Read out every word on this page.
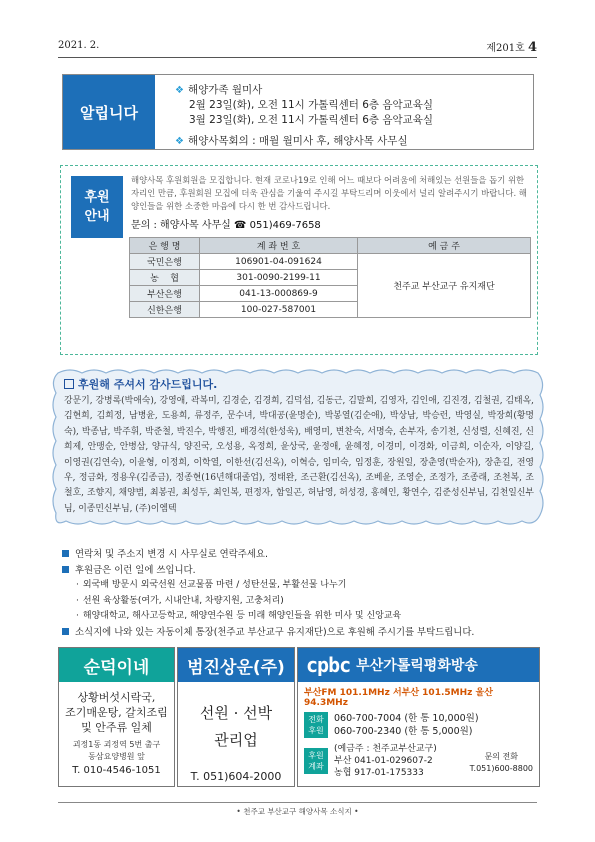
2021. 2.	제201호 4
알립니다
❖ 해양가족 월미사
2월 23일(화), 오전 11시 가톨릭센터 6층 음악교육실
3월 23일(화), 오전 11시 가톨릭센터 6층 음악교육실
❖ 해양사목회의 : 매월 월미사 후, 해양사목 사무실
후원
안내
해양사목 후원회원을 모집합니다. 현재 코로나19로 인해 어느 때보다 어려움에 처해있는 선원들을 돕기 위한 자리인 만큼, 후원회원 모집에 더욱 관심을 기울여 주시길 부탁드리며 이웃에서 널리 알려주시기 바랍니다. 해양인들을 위한 소중한 마음에 다시 한 번 감사드립니다.
문의 : 해양사목 사무실 ☎ 051)469-7658
은 행 명	계 좌 번 호	예 금 주
국민은행	106901-04-091624	천주교 부산교구 유지재단
농    협	301-0090-2199-11	
부산은행	041-13-000869-9	
신한은행	100-027-587001	
후원해 주셔서 감사드립니다.
강문기, 강병록(박애숙), 강영애, 곽복미, 김경순, 김경희, 김덕섭, 김동근, 김말희, 김영자, 김인애, 김진경, 김철권, 김태옥, 김현희, 김희정, 남병윤, 도용희, 류정주, 문수녀, 박대공(윤명순), 박봉열(김순애), 박상남, 박승런, 박영실, 박장희(황명숙), 박종남, 박주휘, 박준철, 박진수, 박행진, 배경석(한성욱), 배영미, 변찬숙, 서명숙, 손부자, 송기천, 신성렬, 신혜진, 신희제, 안맹순, 안병삼, 양규식, 양진국, 오성용, 옥정희, 윤상국, 윤정애, 윤혜정, 이경미, 이경화, 이금희, 이순자, 이양길, 이영권(김연숙), 이윤형, 이정희, 이학열, 이한선(김선옥), 이혁승, 임미숙, 임정훈, 장원일, 장춘영(박순자), 장춘길, 전영우, 정금화, 정용우(김종금), 정종현(16년해대졸업), 정태완, 조근환(김선옥), 조베윤, 조영순, 조정가, 조종래, 조천복, 조철호, 조향지, 채양범, 최봉권, 최성두, 최인복, 편정자, 함일곤, 허남영, 허성경, 홍혜인, 황연수, 김준성신부님, 김천일신부님, 이종민신부님, (주)이엠텍
연락처 및 주소지 변경 시 사무실로 연락주세요.
후원금은 이런 일에 쓰입니다.
· 외국배 방문시 외국선원 선교물품 마련 / 성탄선물, 부활선물 나누기
· 선원 육상활동(여가, 시내안내, 차량지원, 고충처리)
· 해양대학교, 해사고등학교, 해양연수원 등 미래 해양인들을 위한 미사 및 신앙교육
소식지에 나와 있는 자동이체 통장(천주교 부산교구 유지재단)으로 후원해 주시기를 부탁드립니다.
순덕이네
상황버섯시락국,
조기매운탕, 갈치조림
및 안주류 일체
괴정1동 괴정역 5번 출구
동삼요양병원 앞
T. 010-4546-1051
범진상운(주)
선원 · 선박
관리업
T. 051)604-2000
cpbc 부산가톨릭평화방송
부산FM 101.1MHz 서부산 101.5MHz 울산 94.3MHz
전화
후원060-700-7004 (한 통 10,000원)
060-700-2340 (한 통 5,000원)
후원
계좌(예금주 : 천주교부산교구)
부산 041-01-029607-2
농협 917-01-175333
문의 전화
T.051)600-8800
• 천주교 부산교구 해양사목 소식지 •
